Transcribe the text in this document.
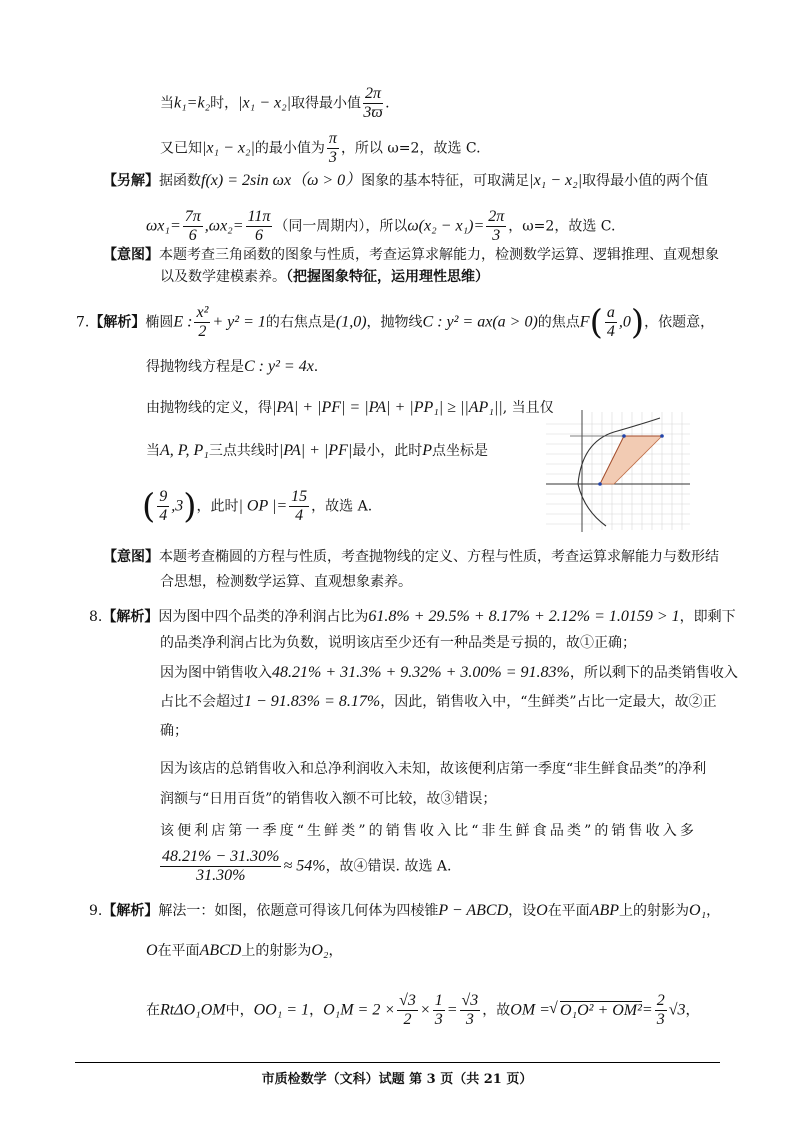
当k₁=k₂时，|x₁ − x₂|取得最小值 $\frac{2\pi}{3ϖ}$ .
又已知|x₁ − x₂|的最小值为 $\frac{\pi}{3}$ ，所以 ω=2，故选 C.
【另解】据函数f(x) = 2sin ωx（ω > 0）图象的基本特征，可取满足|x₁ − x₂|取得最小值的两个值
$\omega x_1= \frac{7\pi}{6} ,\omega x_2= \frac{11\pi}{6}$ （同一周期内），所以$\omega(x_2 - x_1)= \frac{2\pi}{3}$ ，ω=2，故选 C.
【意图】本题考查三角函数的图象与性质，考查运算求解能力，检测数学运算、逻辑推理、直观想象
以及数学建模素养。（把握图象特征，运用理性思维）
7.【解析】椭圆E : $\frac{\text{x²}}{2} + y^2 = 1$的右焦点是(1,0)，抛物线C : y² = ax(a > 0)的焦点$F( \frac{a}{4} ,0)$，依题意，
得抛物线方程是C : y² = 4x.
由抛物线的定义，得|PA| + |PF| = |PA| + |PP₁| ≥ ||AP₁||, 当且仅
当A, P, P₁三点共线时|PA| + |PF|最小，此时P点坐标是
( $\frac{9}{4} ,3$)，此时| OP |= $\frac{15}{4}$ ，故选 A.
【意图】本题考查椭圆的方程与性质，考查抛物线的定义、方程与性质，考查运算求解能力与数形结
合思想，检测数学运算、直观想象素养。
8.【解析】因为图中四个品类的净利润占比为61.8% + 29.5% + 8.17% + 2.12% = 1.0159 > 1，即剩下
的品类净利润占比为负数，说明该店至少还有一种品类是亏损的，故①正确；
因为图中销售收入48.21% + 31.3% + 9.32% + 3.00% = 91.83%，所以剩下的品类销售收入
占比不会超过1 − 91.83% = 8.17%，因此，销售收入中，“生鲜类”占比一定最大，故②正
确；
因为该店的总销售收入和总净利润收入未知，故该便利店第一季度“非生鲜食品类”的净利
润额与“日用百货”的销售收入额不可比较，故③错误；
该便利店第一季度“生鲜类”的销售收入比“非生鲜食品类”的销售收入多
$\frac{48.21\% - 31.30\%}{31.30\%} \approx 54\%$，故④错误. 故选 A.
9.【解析】解法一：如图，依题意可得该几何体为四棱锥P − ABCD，设O在平面ABP上的射影为O₁，
O在平面ABCD上的射影为O₂，
在RtΔO₁OM中，OO₁ = 1，$O_1M = 2 \times \frac{√3}{2} \times \frac{1}{3} = \frac{√3}{3}$ ，故OM = √ $O_1O^2 + OM^2= \frac{2}{3} √3$，
市质检数学（文科）试题 第 3 页（共 21 页）
